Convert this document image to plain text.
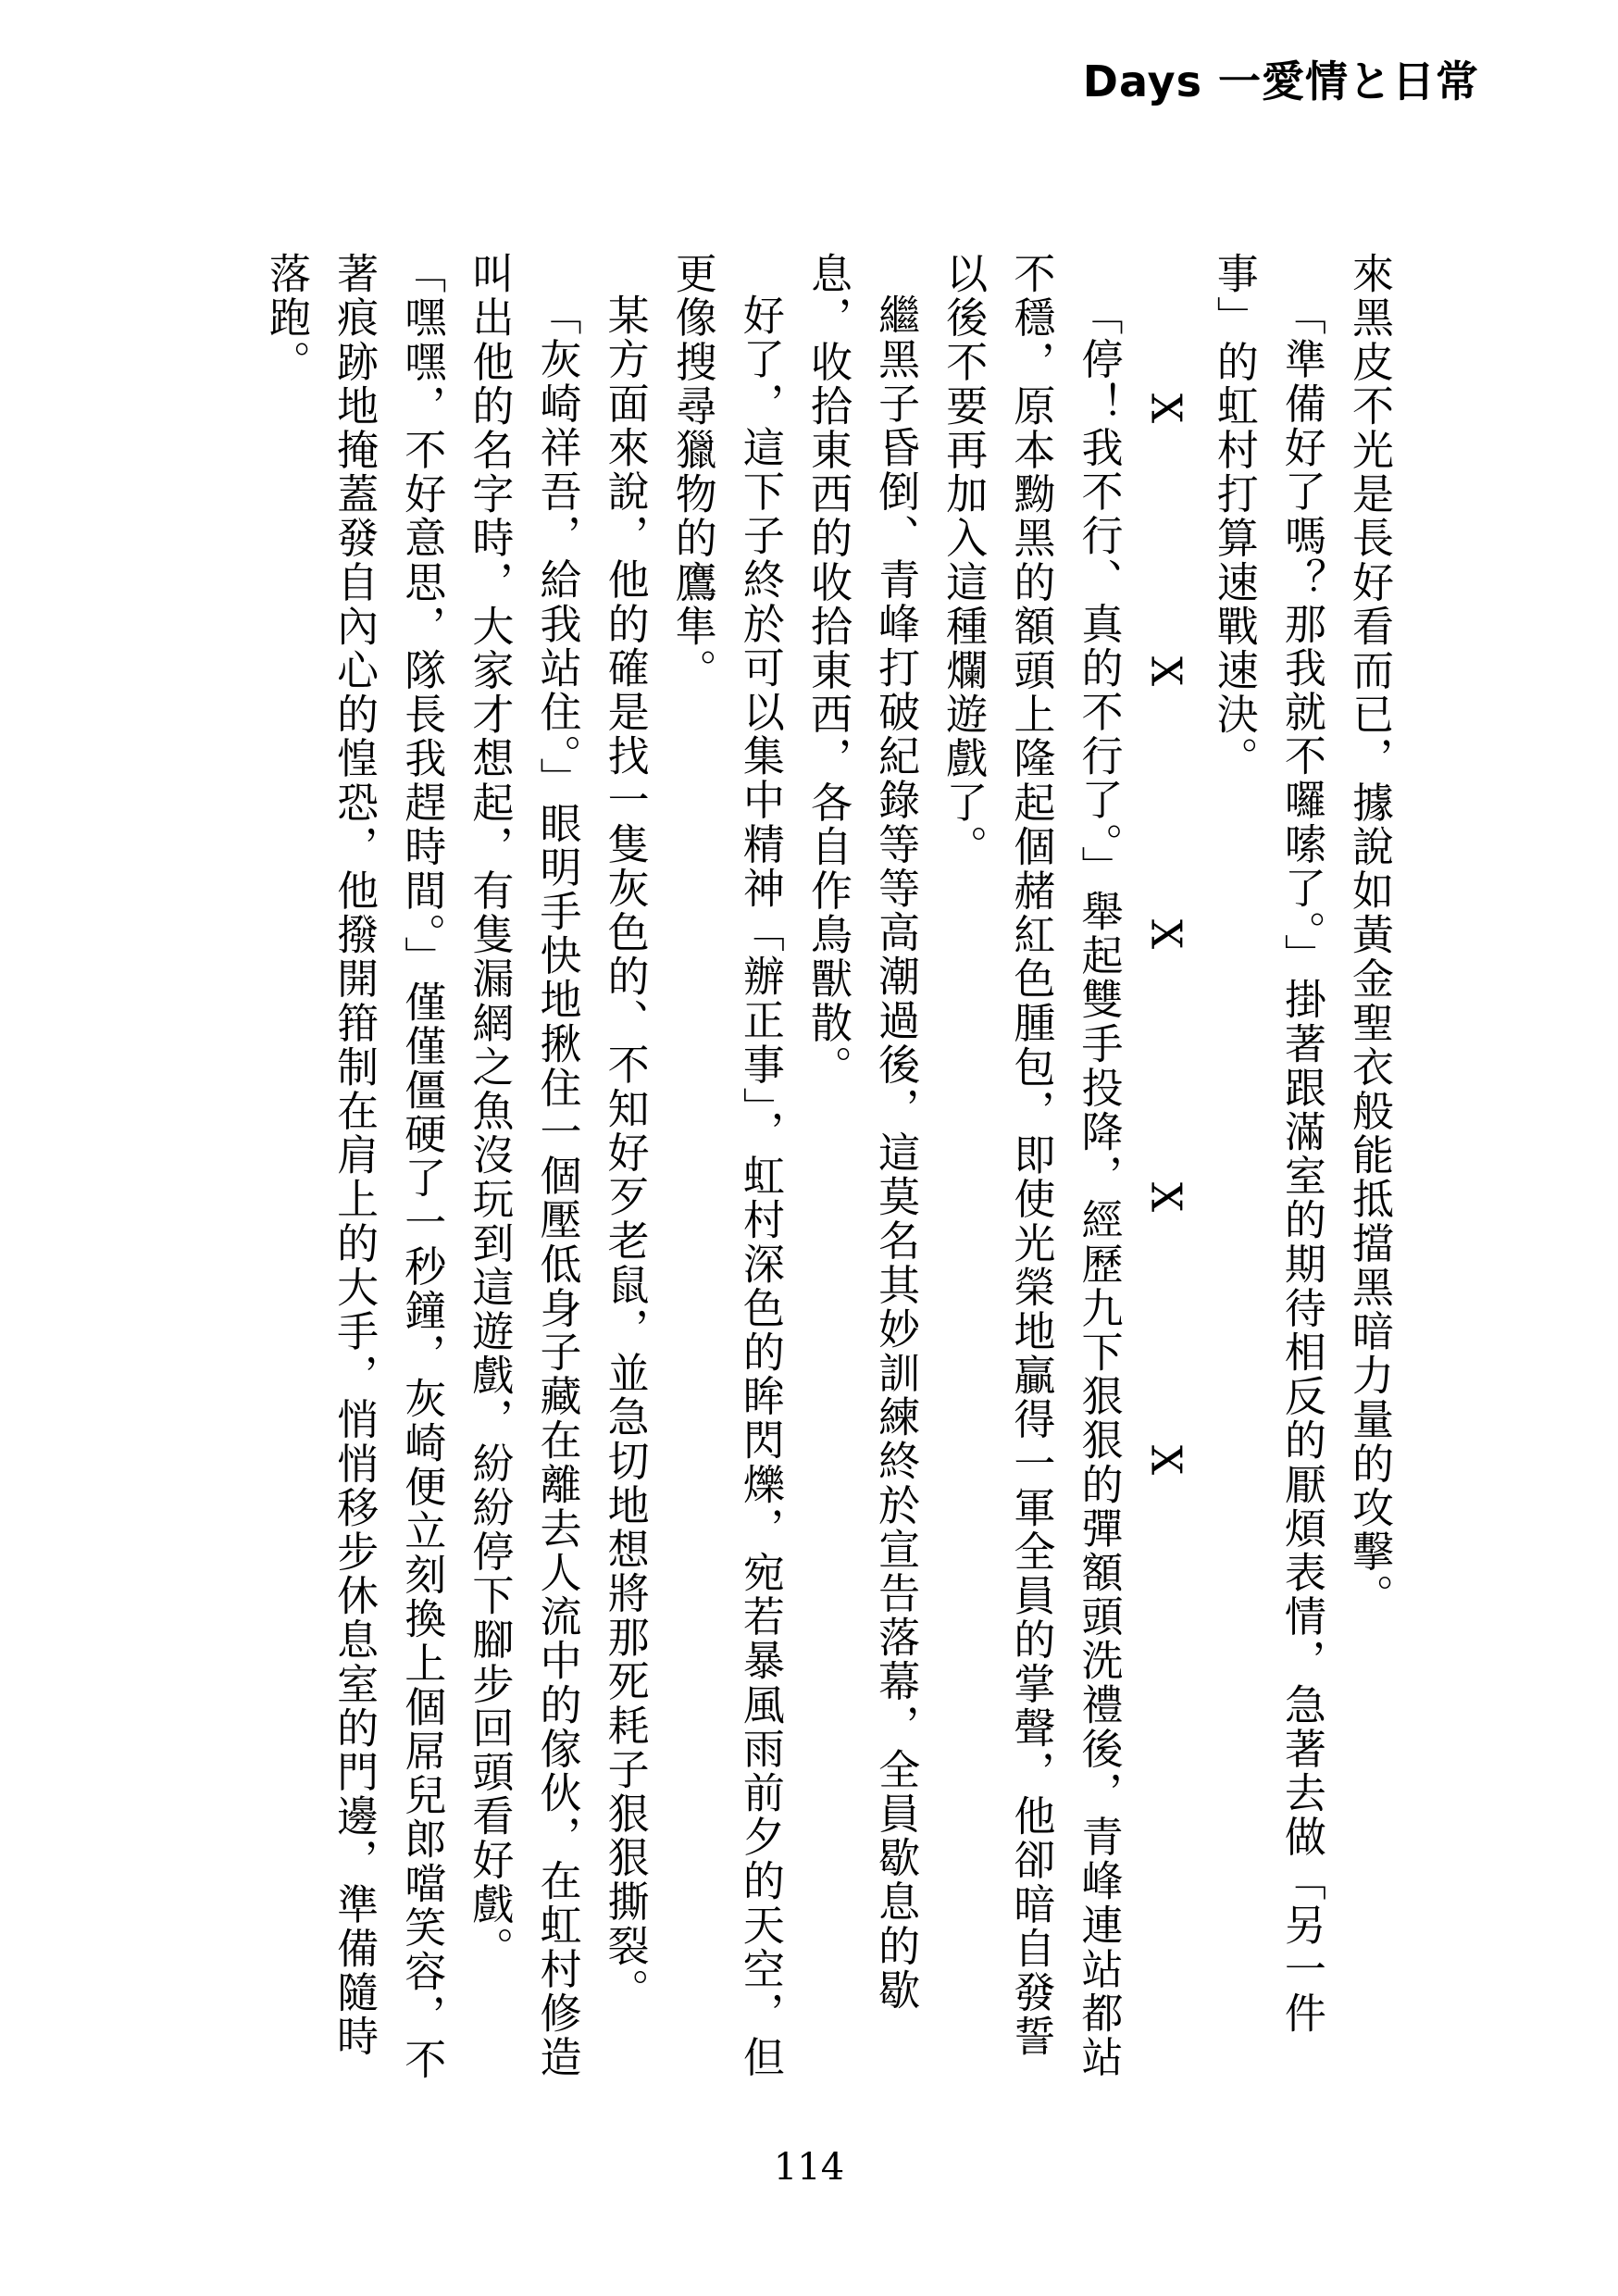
Days 一愛情と日常

來黑皮不光是長好看而已，據說如黃金聖衣般能抵擋黑暗力量的攻擊。

「準備好了嗎？那我就不囉嗦了。」掛著跟滿室的期待相反的厭煩表情，急著去做「另一件事」的虹村打算速戰速決。

XXXXX

「停！我不行、真的不行了。」舉起雙手投降，經歷九下狠狠的彈額頭洗禮後，青峰連站都站不穩，原本黝黑的額頭上隆起個赭紅色腫包，即使光榮地贏得一軍全員的掌聲，他卻暗自發誓以後不要再加入這種爛遊戲了。

繼黑子昏倒、青峰打破紀錄等等高潮過後，這莫名其妙訓練終於宣告落幕，全員歇息的歇息，收拾東西的收拾東西，各自作鳥獸散。

好了，這下子終於可以集中精神「辦正事」，虹村深色的眸閃爍，宛若暴風雨前夕的天空，但更像搜尋獵物的鷹隼。

某方面來說，他的確是找一隻灰色的、不知好歹老鼠，並急切地想將那死耗子狠狠撕裂。

「灰崎祥吾，給我站住。」眼明手快地揪住一個壓低身子藏在離去人流中的傢伙，在虹村修造叫出他的名字時，大家才想起，有隻漏網之魚沒玩到這遊戲，紛紛停下腳步回頭看好戲。

「嘿嘿，不好意思，隊長我趕時間。」僅僅僵硬了一秒鐘，灰崎便立刻換上個屌兒郎噹笑容，不著痕跡地掩蓋發自內心的惶恐，他撥開箝制在肩上的大手，悄悄移步休息室的門邊，準備隨時落跑。

114
